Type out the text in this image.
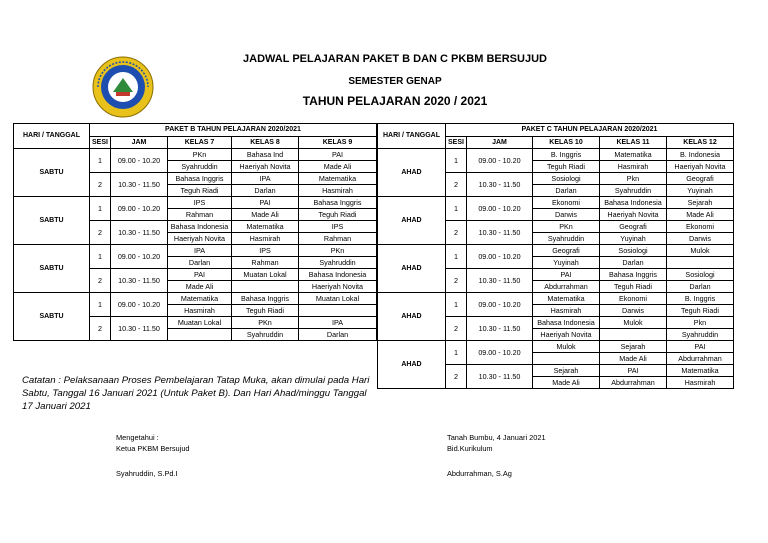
JADWAL PELAJARAN PAKET B DAN C PKBM BERSUJUD
SEMESTER GENAP
TAHUN PELAJARAN 2020 / 2021
HARI / TANGGAL	PAKET B TAHUN PELAJARAN 2020/2021				
	SESI	JAM	KELAS 7	KELAS 8	KELAS 9
SABTU	1	09.00 - 10.20	PKn	Bahasa Ind	PAI
			Syahruddin	Haeriyah Novita	Made Ali
	2	10.30 - 11.50	Bahasa Inggris	IPA	Matematika
			Teguh Riadi	Darlan	Hasmirah
SABTU	1	09.00 - 10.20	IPS	PAI	Bahasa Inggris
			Rahman	Made Ali	Teguh Riadi
	2	10.30 - 11.50	Bahasa Indonesia	Matematika	IPS
			Haeriyah Novita	Hasmirah	Rahman
SABTU	1	09.00 - 10.20	IPA	IPS	PKn
			Darlan	Rahman	Syahruddin
	2	10.30 - 11.50	PAI	Muatan Lokal	Bahasa Indonesia
			Made Ali		Haeriyah Novita
SABTU	1	09.00 - 10.20	Matematika	Bahasa Inggris	Muatan Lokal
			Hasmirah	Teguh Riadi	
	2	10.30 - 11.50	Muatan Lokal	PKn	IPA
				Syahruddin	Darlan
HARI / TANGGAL	PAKET C TAHUN PELAJARAN 2020/2021				
	SESI	JAM	KELAS 10	KELAS 11	KELAS 12
AHAD	1	09.00 - 10.20	B. Inggris	Matematika	B. Indonesia
			Teguh Riadi	Hasmirah	Haeriyah Novita
	2	10.30 - 11.50	Sosiologi	Pkn	Geografi
			Darlan	Syahruddin	Yuyinah
AHAD	1	09.00 - 10.20	Ekonomi	Bahasa Indonesia	Sejarah
			Darwis	Haeriyah Novita	Made Ali
	2	10.30 - 11.50	PKn	Geografi	Ekonomi
			Syahruddin	Yuyinah	Darwis
AHAD	1	09.00 - 10.20	Geografi	Sosiologi	Mulok
			Yuyinah	Darlan	
	2	10.30 - 11.50	PAI	Bahasa Inggris	Sosiologi
			Abdurrahman	Teguh Riadi	Darlan
AHAD	1	09.00 - 10.20	Matematika	Ekonomi	B. Inggris
			Hasmirah	Darwis	Teguh Riadi
	2	10.30 - 11.50	Bahasa Indonesia	Mulok	Pkn
			Haeriyah Novita		Syahruddin
AHAD	1	09.00 - 10.20	Mulok	Sejarah	PAI
				Made Ali	Abdurrahman
	2	10.30 - 11.50	Sejarah	PAI	Matematika
			Made Ali	Abdurrahman	Hasmirah
Catatan : Pelaksanaan Proses Pembelajaran Tatap Muka, akan dimulai pada Hari Sabtu, Tanggal 16 Januari 2021 (Untuk Paket B). Dan Hari Ahad/minggu Tanggal 17 Januari 2021
Mengetahui :
Ketua PKBM Bersujud
Syahruddin, S.Pd.I
Tanah Bumbu, 4 Januari 2021
Bid.Kurikulum
Abdurrahman, S.Ag
